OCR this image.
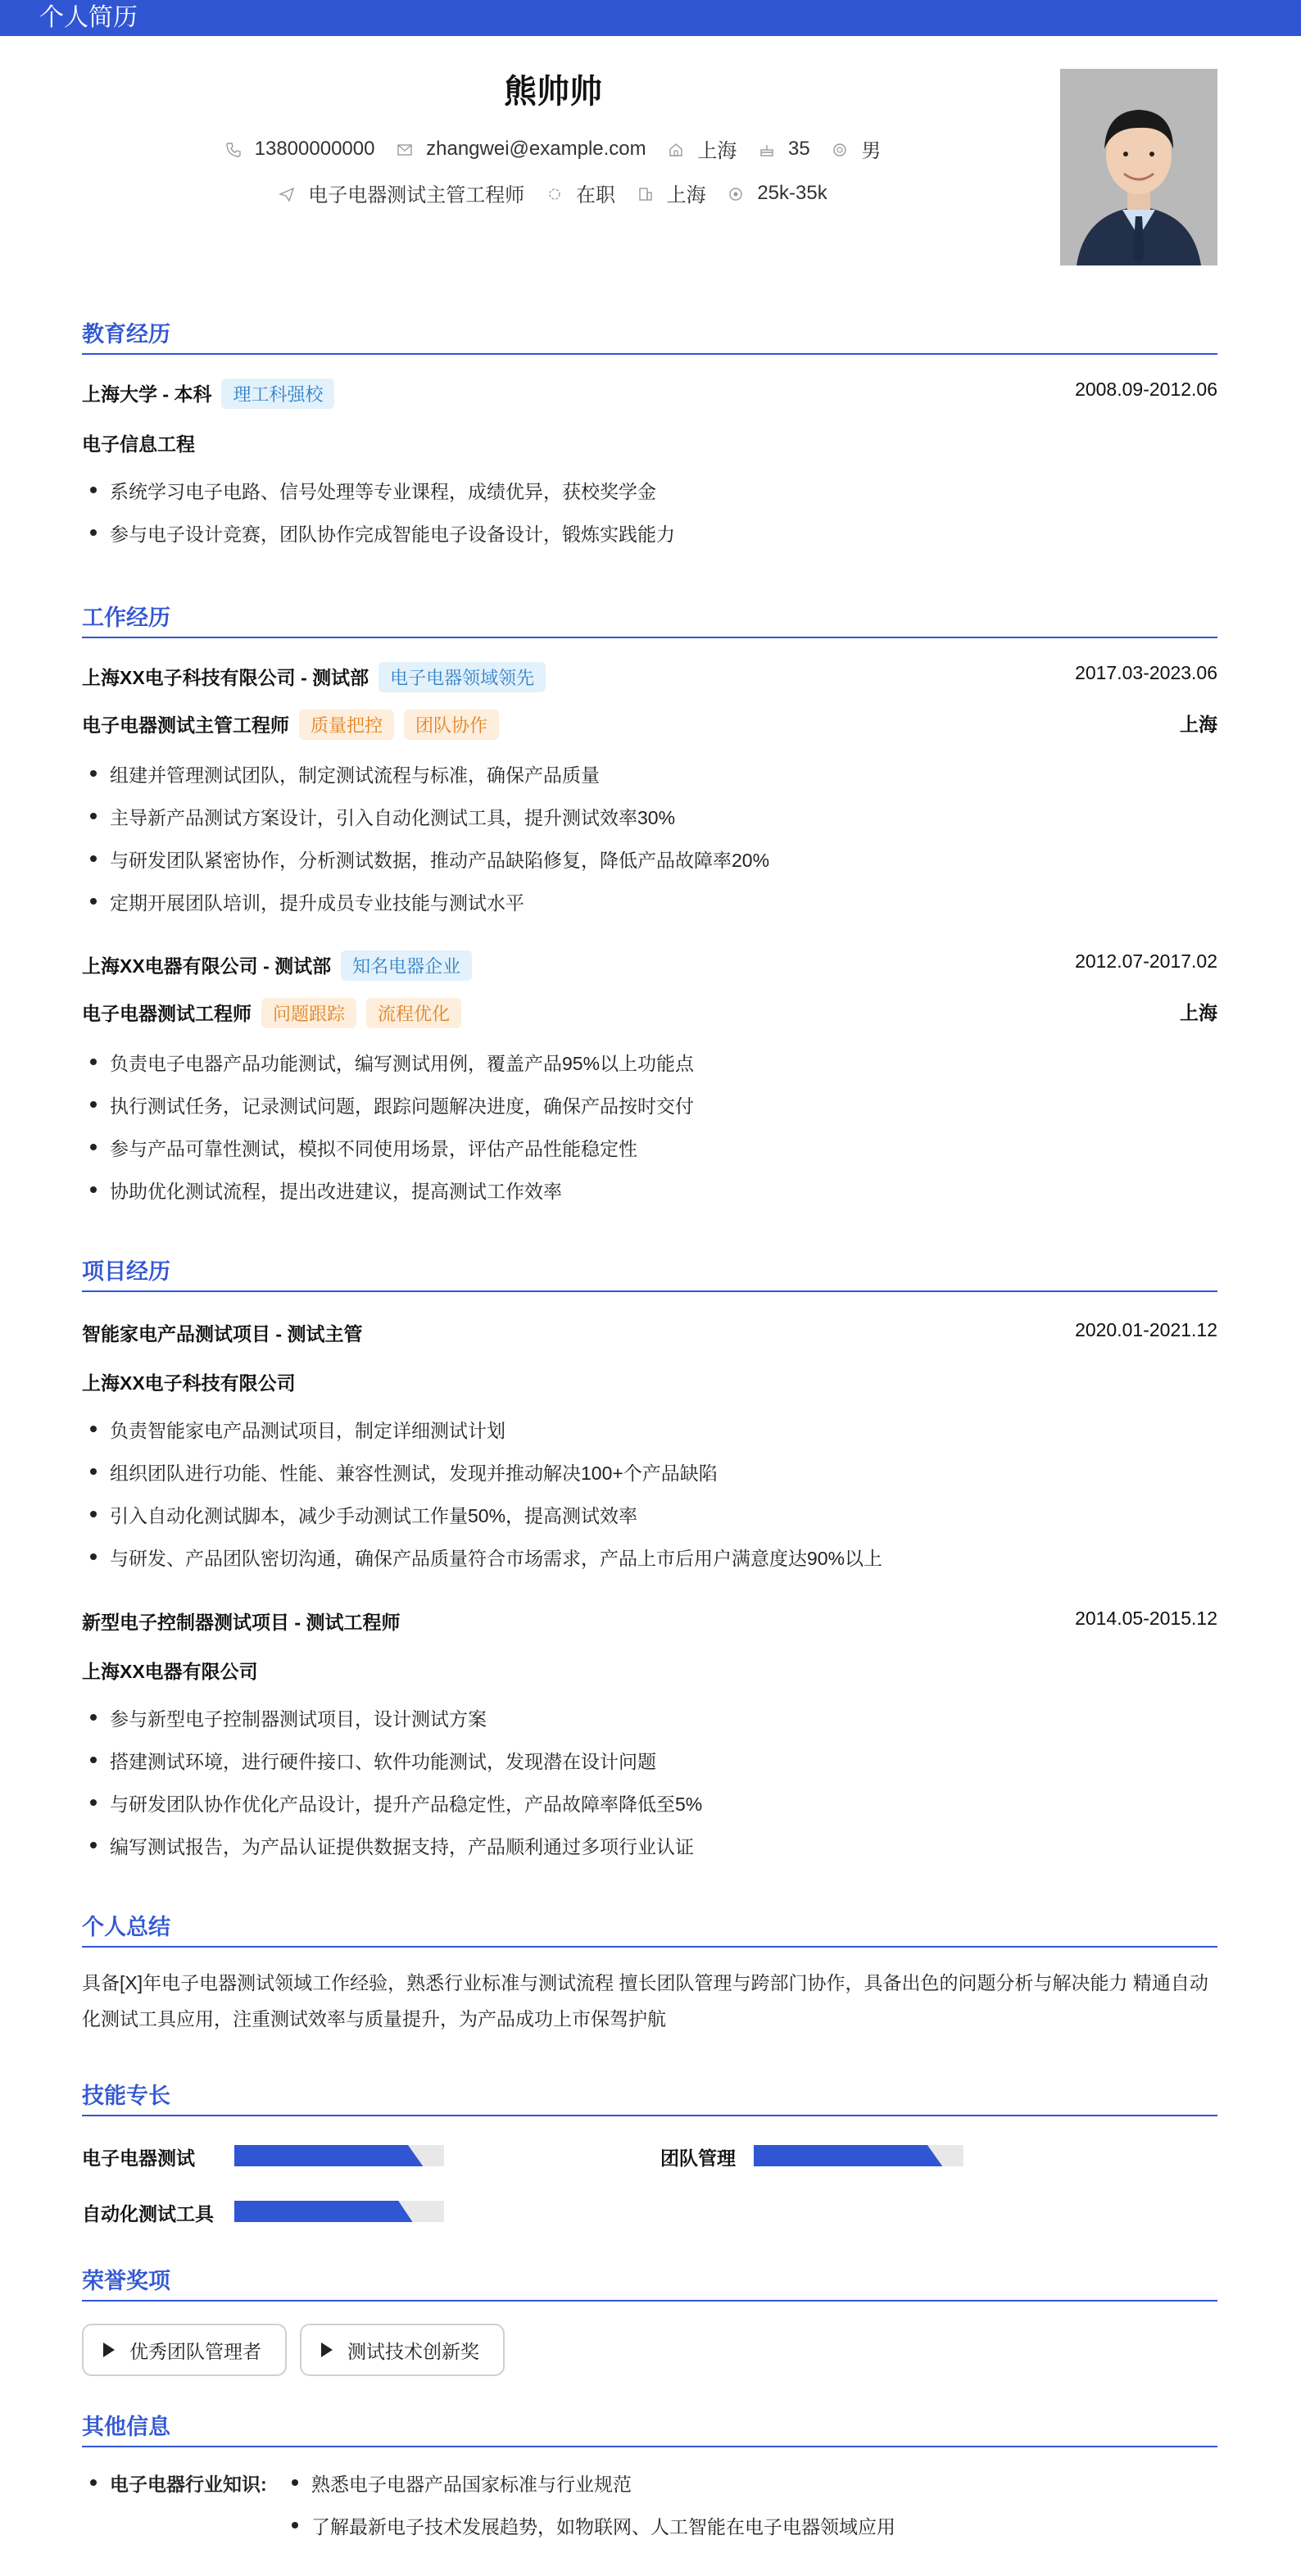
个人简历
熊帅帅
13800000000
	zhangwei@example.com
	上海
	35
	男
电子电器测试主管工程师
	在职
	上海
	25k-35k
教育经历
上海大学 - 本科 理工科强校	2008.09-2012.06
电子信息工程
系统学习电子电路、信号处理等专业课程，成绩优异，获校奖学金
参与电子设计竞赛，团队协作完成智能电子设备设计，锻炼实践能力
工作经历
上海XX电子科技有限公司 - 测试部 电子电器领域领先	2017.03-2023.06
电子电器测试主管工程师 质量把控 团队协作	上海
组建并管理测试团队，制定测试流程与标准，确保产品质量
主导新产品测试方案设计，引入自动化测试工具，提升测试效率30%
与研发团队紧密协作，分析测试数据，推动产品缺陷修复，降低产品故障率20%
定期开展团队培训，提升成员专业技能与测试水平
上海XX电器有限公司 - 测试部 知名电器企业	2012.07-2017.02
电子电器测试工程师 问题跟踪 流程优化	上海
负责电子电器产品功能测试，编写测试用例，覆盖产品95%以上功能点
执行测试任务，记录测试问题，跟踪问题解决进度，确保产品按时交付
参与产品可靠性测试，模拟不同使用场景，评估产品性能稳定性
协助优化测试流程，提出改进建议，提高测试工作效率
项目经历
智能家电产品测试项目 - 测试主管	2020.01-2021.12
上海XX电子科技有限公司
负责智能家电产品测试项目，制定详细测试计划
组织团队进行功能、性能、兼容性测试，发现并推动解决100+个产品缺陷
引入自动化测试脚本，减少手动测试工作量50%，提高测试效率
与研发、产品团队密切沟通，确保产品质量符合市场需求，产品上市后用户满意度达90%以上
新型电子控制器测试项目 - 测试工程师	2014.05-2015.12
上海XX电器有限公司
参与新型电子控制器测试项目，设计测试方案
搭建测试环境，进行硬件接口、软件功能测试，发现潜在设计问题
与研发团队协作优化产品设计，提升产品稳定性，产品故障率降低至5%
编写测试报告，为产品认证提供数据支持，产品顺利通过多项行业认证
个人总结
具备[X]年电子电器测试领域工作经验，熟悉行业标准与测试流程 擅长团队管理与跨部门协作，具备出色的问题分析与解决能力 精通自动化测试工具应用，注重测试效率与质量提升，为产品成功上市保驾护航
技能专长
电子电器测试	团队管理
自动化测试工具
荣誉奖项
优秀团队管理者	测试技术创新奖
其他信息
电子电器行业知识:	熟悉电子电器产品国家标准与行业规范
了解最新电子技术发展趋势，如物联网、人工智能在电子电器领域应用
